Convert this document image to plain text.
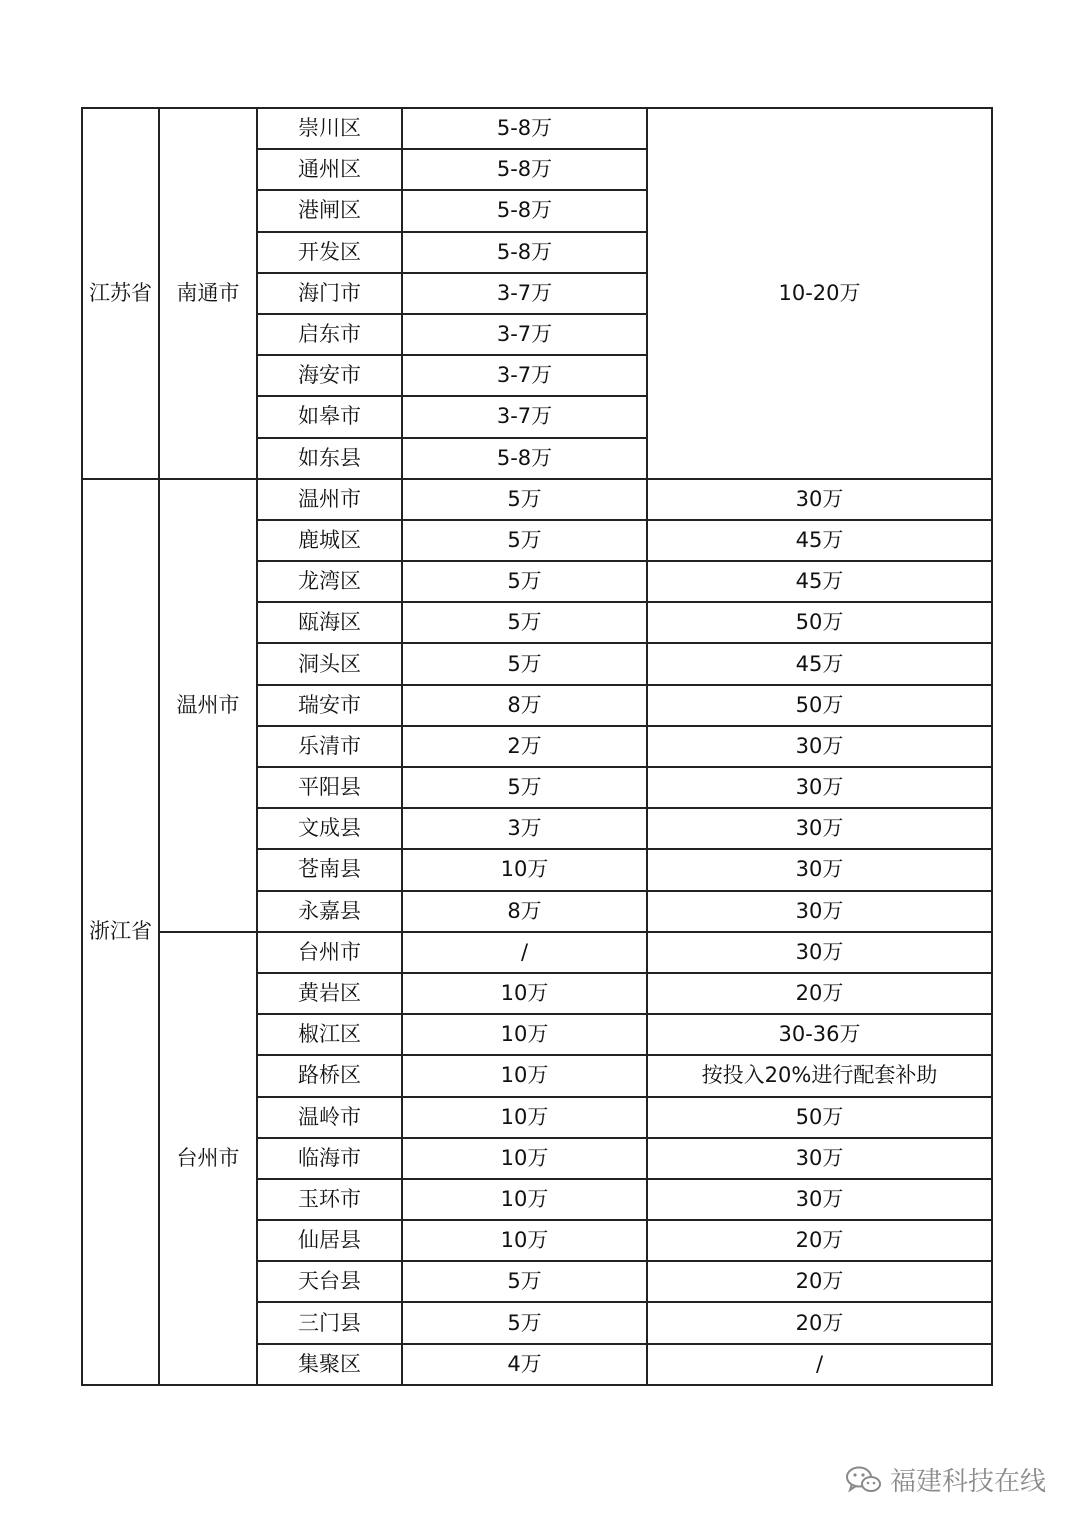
江苏省	南通市	崇川区	5-8万	10-20万
		通州区	5-8万	
		港闸区	5-8万	
		开发区	5-8万	
		海门市	3-7万	
		启东市	3-7万	
		海安市	3-7万	
		如皋市	3-7万	
		如东县	5-8万	
浙江省	温州市	温州市	5万	30万
		鹿城区	5万	45万
		龙湾区	5万	45万
		瓯海区	5万	50万
		洞头区	5万	45万
		瑞安市	8万	50万
		乐清市	2万	30万
		平阳县	5万	30万
		文成县	3万	30万
		苍南县	10万	30万
		永嘉县	8万	30万
	台州市	台州市	/	30万
		黄岩区	10万	20万
		椒江区	10万	30-36万
		路桥区	10万	按投入20%进行配套补助
		温岭市	10万	50万
		临海市	10万	30万
		玉环市	10万	30万
		仙居县	10万	20万
		天台县	5万	20万
		三门县	5万	20万
		集聚区	4万	/
福建科技在线
